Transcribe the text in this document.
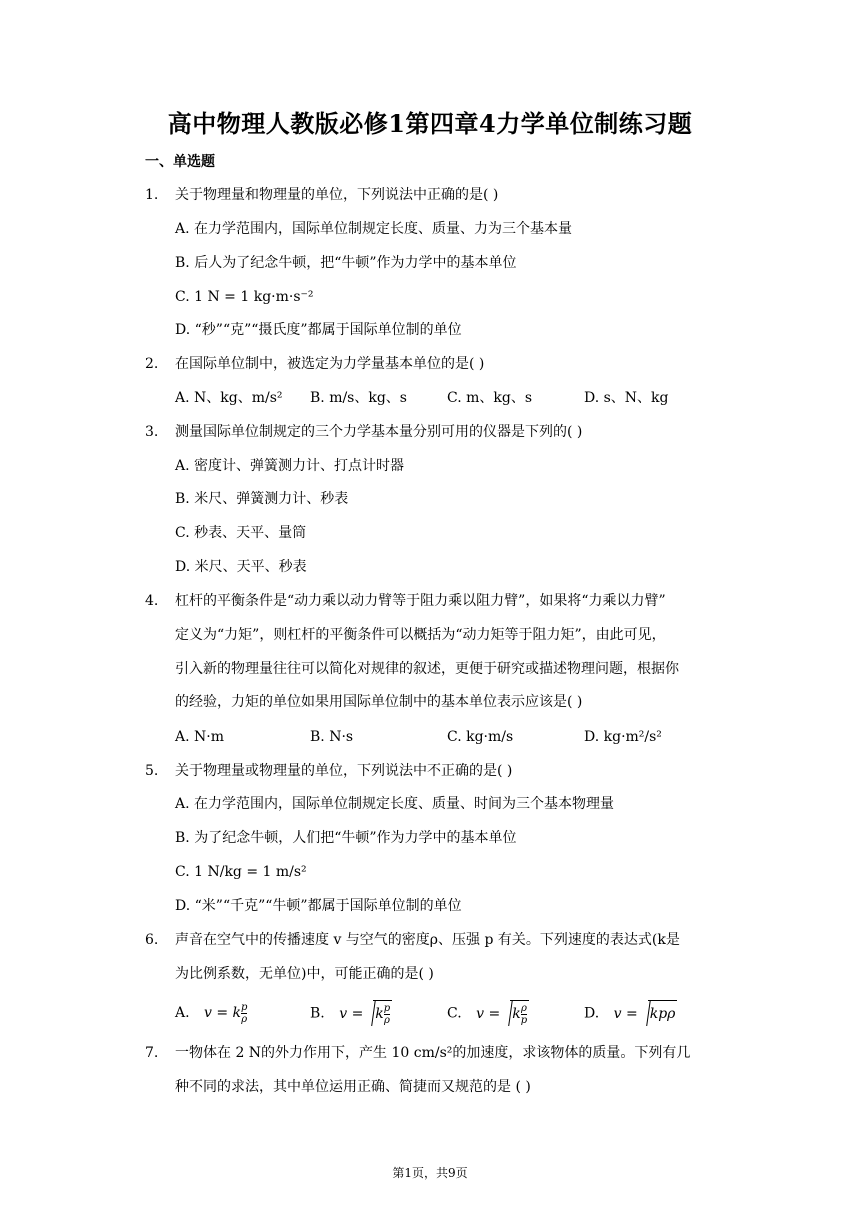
高中物理人教版必修1第四章4力学单位制练习题
一、单选题
1. 关于物理量和物理量的单位，下列说法中正确的是( )
A. 在力学范围内，国际单位制规定长度、质量、力为三个基本量
B. 后人为了纪念牛顿，把“牛顿”作为力学中的基本单位
C. 1 N = 1 kg·m·s⁻²
D. “秒”“克”“摄氏度”都属于国际单位制的单位
2. 在国际单位制中，被选定为力学量基本单位的是( )
A. N、kg、m/s² B. m/s、kg、s	C. m、kg、s	D. s、N、kg
3. 测量国际单位制规定的三个力学基本量分别可用的仪器是下列的( )
A. 密度计、弹簧测力计、打点计时器
B. 米尺、弹簧测力计、秒表
C. 秒表、天平、量筒
D. 米尺、天平、秒表
4. 杠杆的平衡条件是“动力乘以动力臂等于阻力乘以阻力臂”，如果将“力乘以力臂”
定义为“力矩”，则杠杆的平衡条件可以概括为“动力矩等于阻力矩”，由此可见，
引入新的物理量往往可以简化对规律的叙述，更便于研究或描述物理问题，根据你
的经验，力矩的单位如果用国际单位制中的基本单位表示应该是( )
A. N·m	B. N·s	C. kg·m/s	D. kg·m²/s²
5. 关于物理量或物理量的单位，下列说法中不正确的是( )
A. 在力学范围内，国际单位制规定长度、质量、时间为三个基本物理量
B. 为了纪念牛顿，人们把“牛顿”作为力学中的基本单位
C. 1 N/kg = 1 m/s²
D. “米”“千克”“牛顿”都属于国际单位制的单位
6. 声音在空气中的传播速度 v 与空气的密度ρ、压强 p 有关。下列速度的表达式(k是
为比例系数，无单位)中，可能正确的是( )
A. v = k $\frac{p}{\rho}$	B. v = k $\frac{p}{\rho}$	C. v = k $\frac{\rho}{p}$	D. v = kpρ
7. 一物体在 2 N的外力作用下，产生 10 cm/s²的加速度，求该物体的质量。下列有几
种不同的求法，其中单位运用正确、简捷而又规范的是 ( )
第1页，共9页
